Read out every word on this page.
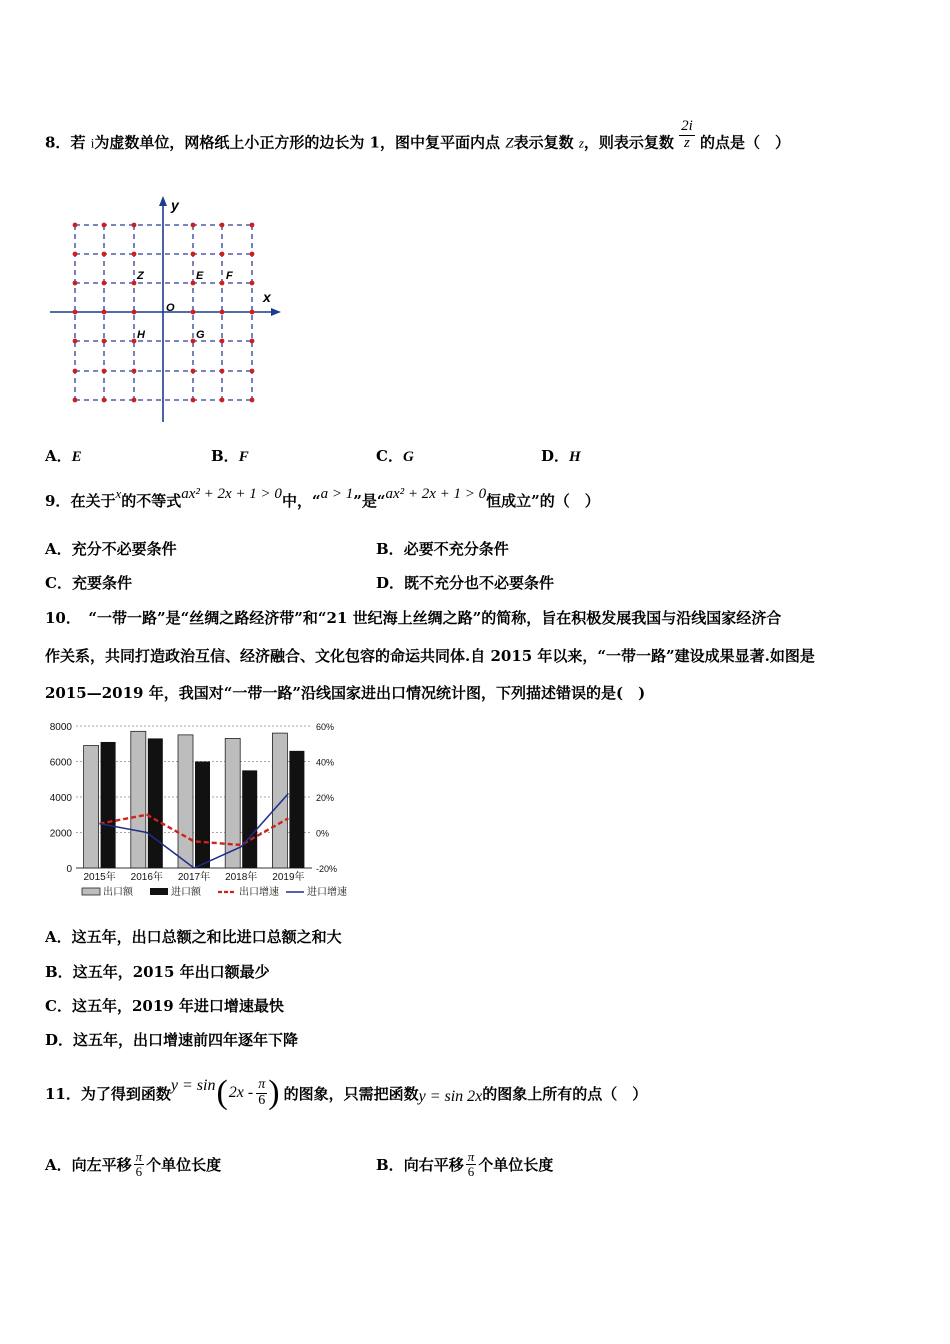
8．若 i为虚数单位，网格纸上小正方形的边长为 1，图中复平面内点 Z表示复数 z，则表示复数 $\frac{2i}{z}$ 的点是（　）
y
x
O
Z	E F
H	G
A．E	B．F	C．G	D．H
9．在关于x的不等式ax² + 2x + 1 > 0中，“a > 1”是“ax² + 2x + 1 > 0恒成立”的（　）
A．充分不必要条件	B．必要不充分条件
C．充要条件	D．既不充分也不必要条件
10．　“一带一路”是“丝绸之路经济带”和“21 世纪海上丝绸之路”的简称，旨在积极发展我国与沿线国家经济合
作关系，共同打造政治互信、经济融合、文化包容的命运共同体.自 2015 年以来，“一带一路”建设成果显著.如图是
2015—2019 年，我国对“一带一路”沿线国家进出口情况统计图，下列描述错误的是(　)
8000
6000
4000
2000
0
60%
40%
20%
0%
-20%
2015年 2016年 2017年 2018年 2019年
出口额	进口额	出口增速	进口增速
A．这五年，出口总额之和比进口总额之和大
B．这五年，2015 年出口额最少
C．这五年，2019 年进口增速最快
D．这五年，出口增速前四年逐年下降
11． 为了得到函数 y = sin ( $2x - \frac{\pi}{6}$ ) 的图象，只需把函数 y = sin 2x 的图象上所有的点（　）
A． 向左平移 $\frac{\pi}{6}$ 个单位长度	B． 向右平移 $\frac{\pi}{6}$ 个单位长度
